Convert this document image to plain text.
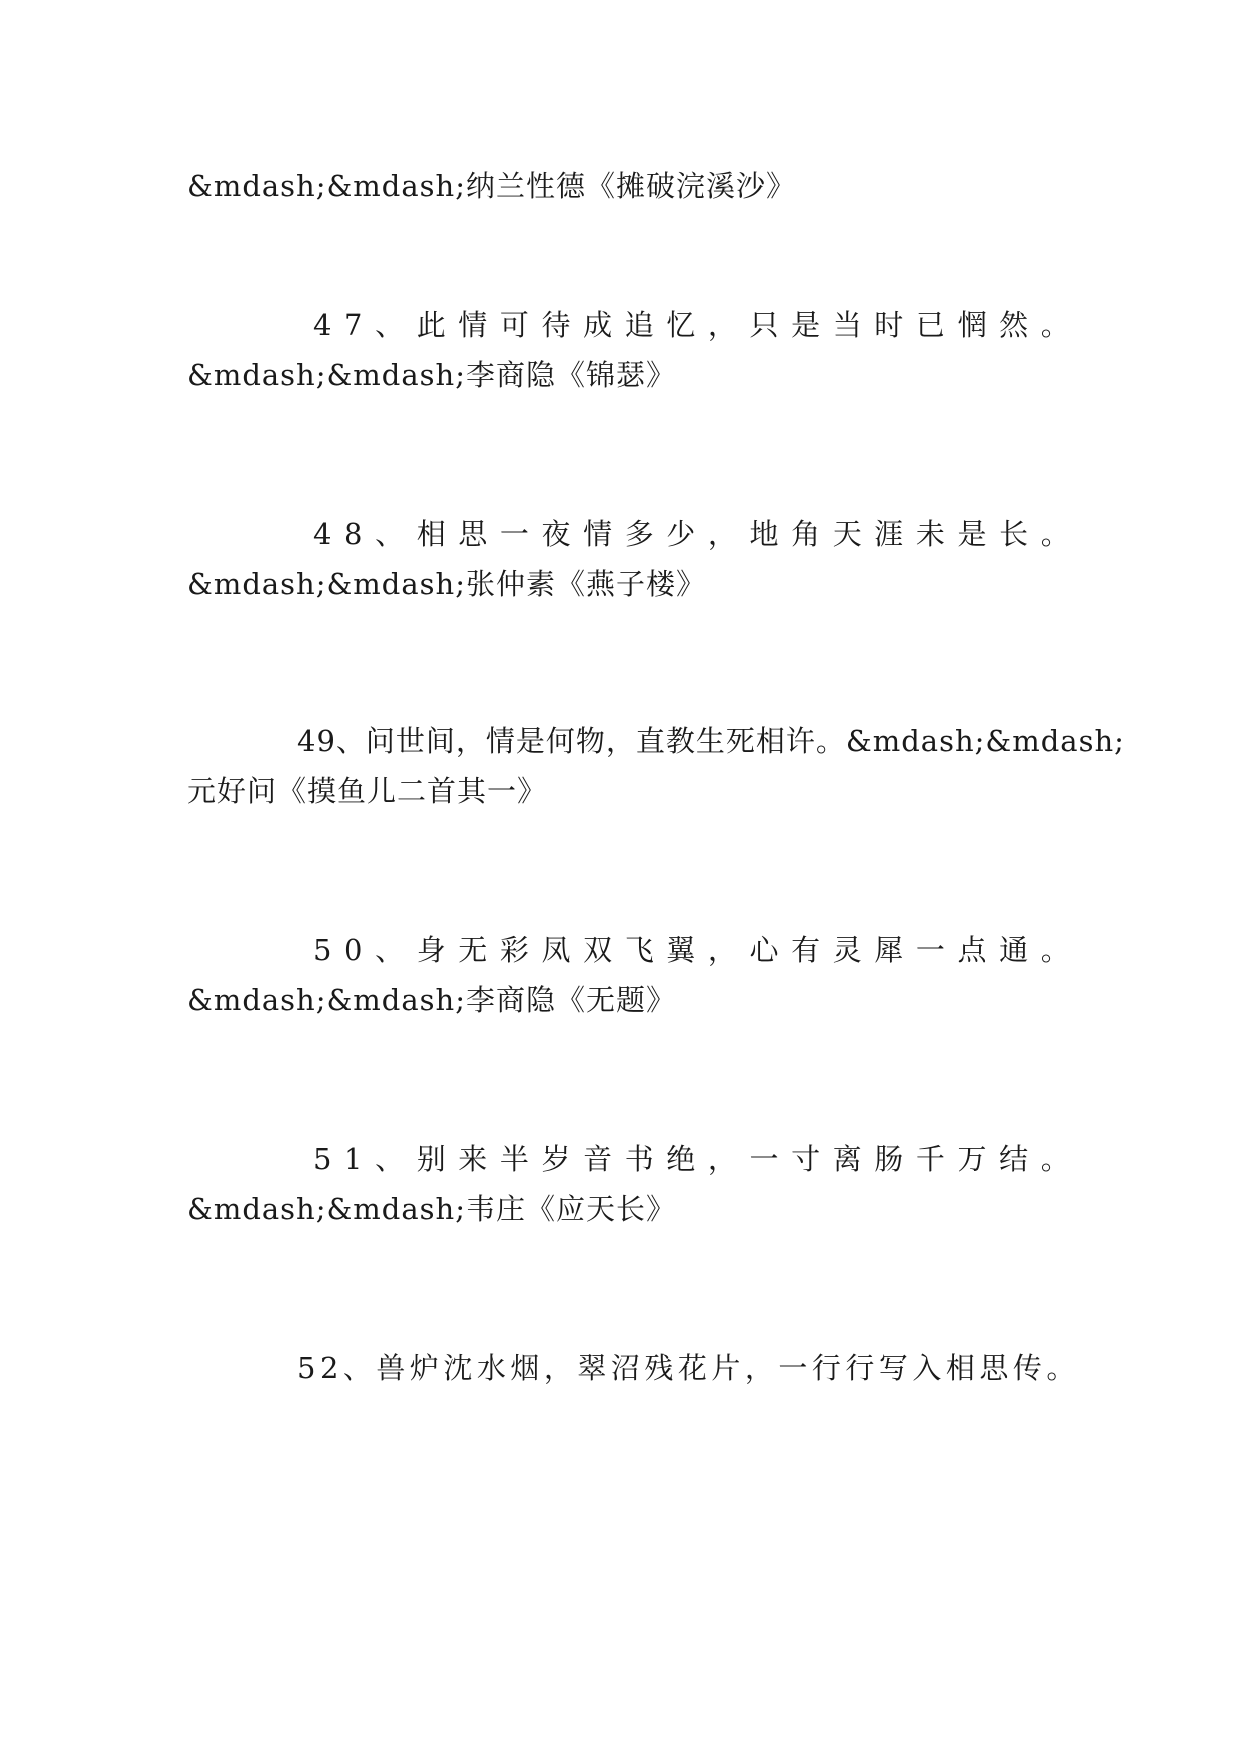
&mdash;&mdash;纳兰性德《摊破浣溪沙》
47、此情可待成追忆，只是当时已惘然。
&mdash;&mdash;李商隐《锦瑟》
48、相思一夜情多少，地角天涯未是长。
&mdash;&mdash;张仲素《燕子楼》
49、问世间，情是何物，直教生死相许。&mdash;&mdash;
元好问《摸鱼儿二首其一》
50、身无彩凤双飞翼，心有灵犀一点通。
&mdash;&mdash;李商隐《无题》
51、别来半岁音书绝，一寸离肠千万结。
&mdash;&mdash;韦庄《应天长》
52、兽炉沈水烟，翠沼残花片，一行行写入相思传。
